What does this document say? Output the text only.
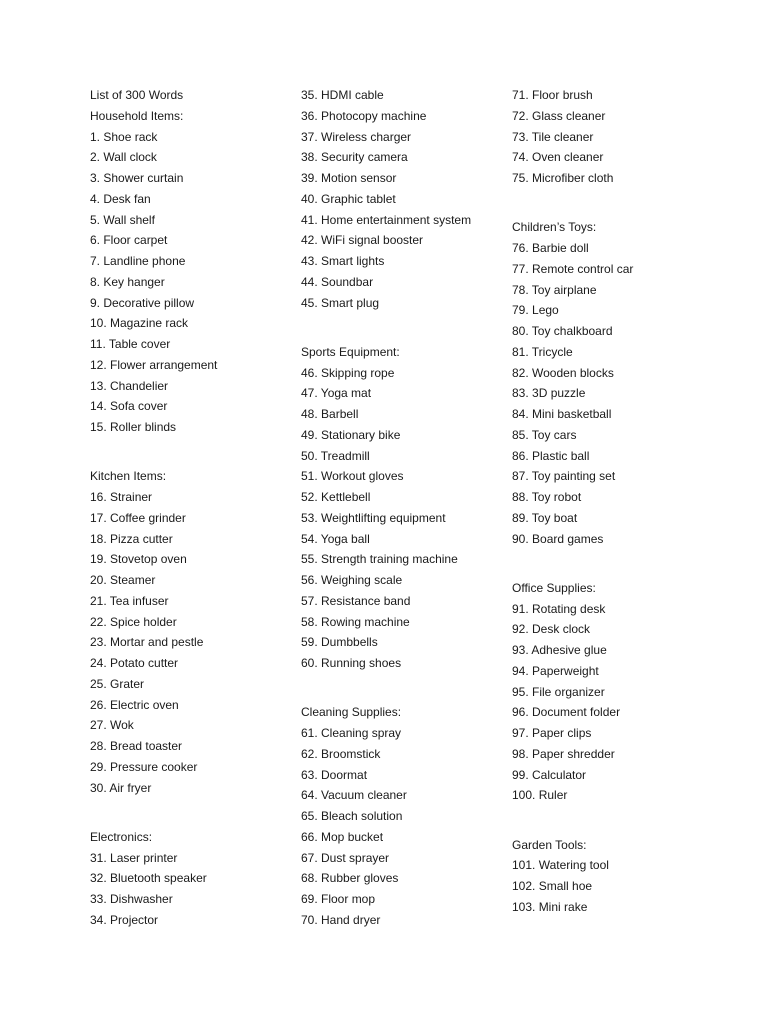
List of 300 Words
Household Items:
1. Shoe rack
2. Wall clock
3. Shower curtain
4. Desk fan
5. Wall shelf
6. Floor carpet
7. Landline phone
8. Key hanger
9. Decorative pillow
10. Magazine rack
11. Table cover
12. Flower arrangement
13. Chandelier
14. Sofa cover
15. Roller blinds
Kitchen Items:
16. Strainer
17. Coffee grinder
18. Pizza cutter
19. Stovetop oven
20. Steamer
21. Tea infuser
22. Spice holder
23. Mortar and pestle
24. Potato cutter
25. Grater
26. Electric oven
27. Wok
28. Bread toaster
29. Pressure cooker
30. Air fryer
Electronics:
31. Laser printer
32. Bluetooth speaker
33. Dishwasher
34. Projector
35. HDMI cable
36. Photocopy machine
37. Wireless charger
38. Security camera
39. Motion sensor
40. Graphic tablet
41. Home entertainment system
42. WiFi signal booster
43. Smart lights
44. Soundbar
45. Smart plug
Sports Equipment:
46. Skipping rope
47. Yoga mat
48. Barbell
49. Stationary bike
50. Treadmill
51. Workout gloves
52. Kettlebell
53. Weightlifting equipment
54. Yoga ball
55. Strength training machine
56. Weighing scale
57. Resistance band
58. Rowing machine
59. Dumbbells
60. Running shoes
Cleaning Supplies:
61. Cleaning spray
62. Broomstick
63. Doormat
64. Vacuum cleaner
65. Bleach solution
66. Mop bucket
67. Dust sprayer
68. Rubber gloves
69. Floor mop
70. Hand dryer
71. Floor brush
72. Glass cleaner
73. Tile cleaner
74. Oven cleaner
75. Microfiber cloth
Children’s Toys:
76. Barbie doll
77. Remote control car
78. Toy airplane
79. Lego
80. Toy chalkboard
81. Tricycle
82. Wooden blocks
83. 3D puzzle
84. Mini basketball
85. Toy cars
86. Plastic ball
87. Toy painting set
88. Toy robot
89. Toy boat
90. Board games
Office Supplies:
91. Rotating desk
92. Desk clock
93. Adhesive glue
94. Paperweight
95. File organizer
96. Document folder
97. Paper clips
98. Paper shredder
99. Calculator
100. Ruler
Garden Tools:
101. Watering tool
102. Small hoe
103. Mini rake
